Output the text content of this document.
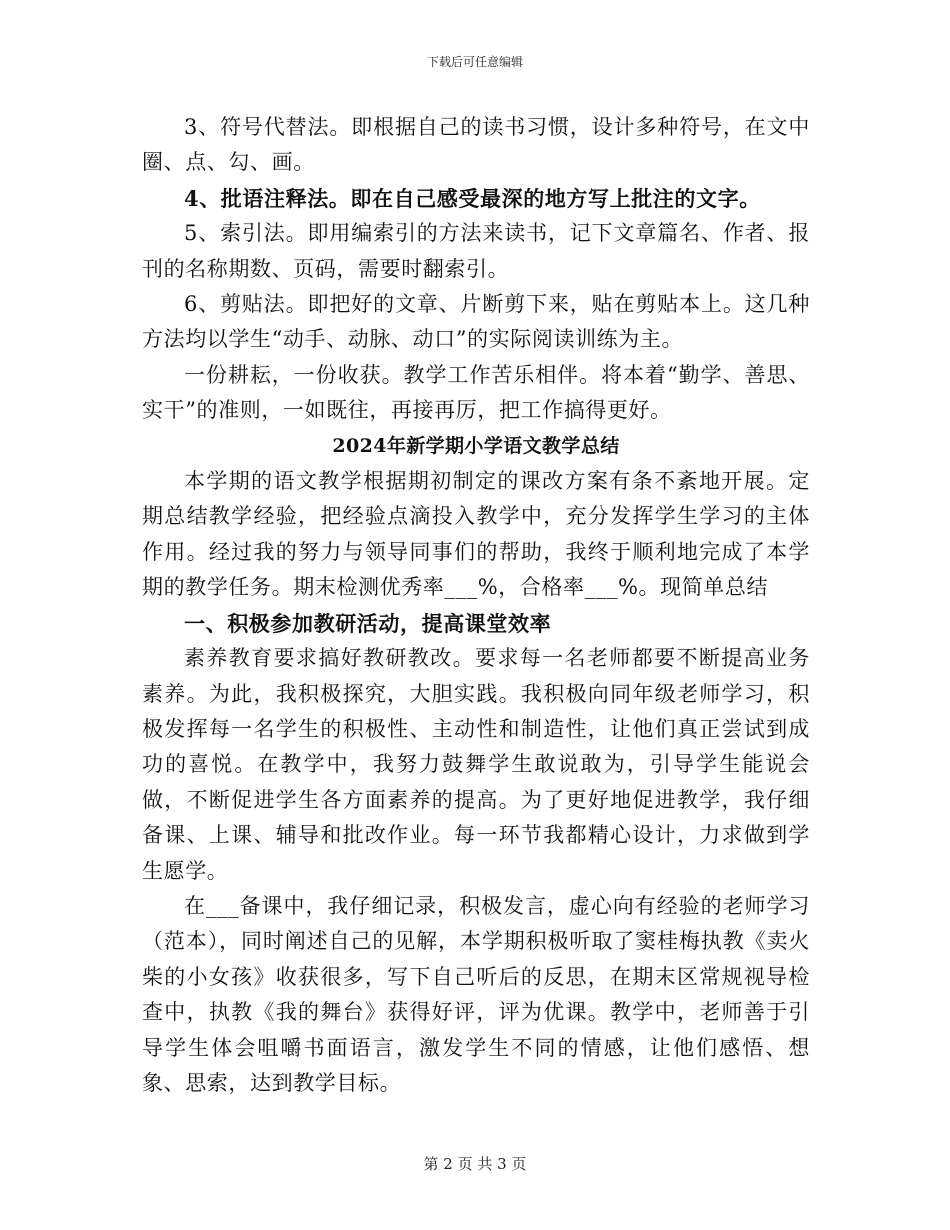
下载后可任意编辑

3、符号代替法。即根据自己的读书习惯，设计多种符号，在文中圈、点、勾、画。

4、批语注释法。即在自己感受最深的地方写上批注的文字。

5、索引法。即用编索引的方法来读书，记下文章篇名、作者、报刊的名称期数、页码，需要时翻索引。

6、剪贴法。即把好的文章、片断剪下来，贴在剪贴本上。这几种方法均以学生“动手、动脉、动口”的实际阅读训练为主。

一份耕耘，一份收获。教学工作苦乐相伴。将本着“勤学、善思、实干”的准则，一如既往，再接再厉，把工作搞得更好。

2024年新学期小学语文教学总结

本学期的语文教学根据期初制定的课改方案有条不紊地开展。定期总结教学经验，把经验点滴投入教学中，充分发挥学生学习的主体作用。经过我的努力与领导同事们的帮助，我终于顺利地完成了本学期的教学任务。期末检测优秀率___%，合格率___%。现简单总结

一、积极参加教研活动，提高课堂效率

素养教育要求搞好教研教改。要求每一名老师都要不断提高业务素养。为此，我积极探究，大胆实践。我积极向同年级老师学习，积极发挥每一名学生的积极性、主动性和制造性，让他们真正尝试到成功的喜悦。在教学中，我努力鼓舞学生敢说敢为，引导学生能说会做，不断促进学生各方面素养的提高。为了更好地促进教学，我仔细备课、上课、辅导和批改作业。每一环节我都精心设计，力求做到学生愿学。

在___备课中，我仔细记录，积极发言，虚心向有经验的老师学习（范本），同时阐述自己的见解，本学期积极听取了窦桂梅执教《卖火柴的小女孩》收获很多，写下自己听后的反思，在期末区常规视导检查中，执教《我的舞台》获得好评，评为优课。教学中，老师善于引导学生体会咀嚼书面语言，激发学生不同的情感，让他们感悟、想象、思索，达到教学目标。

第 2 页 共 3 页
